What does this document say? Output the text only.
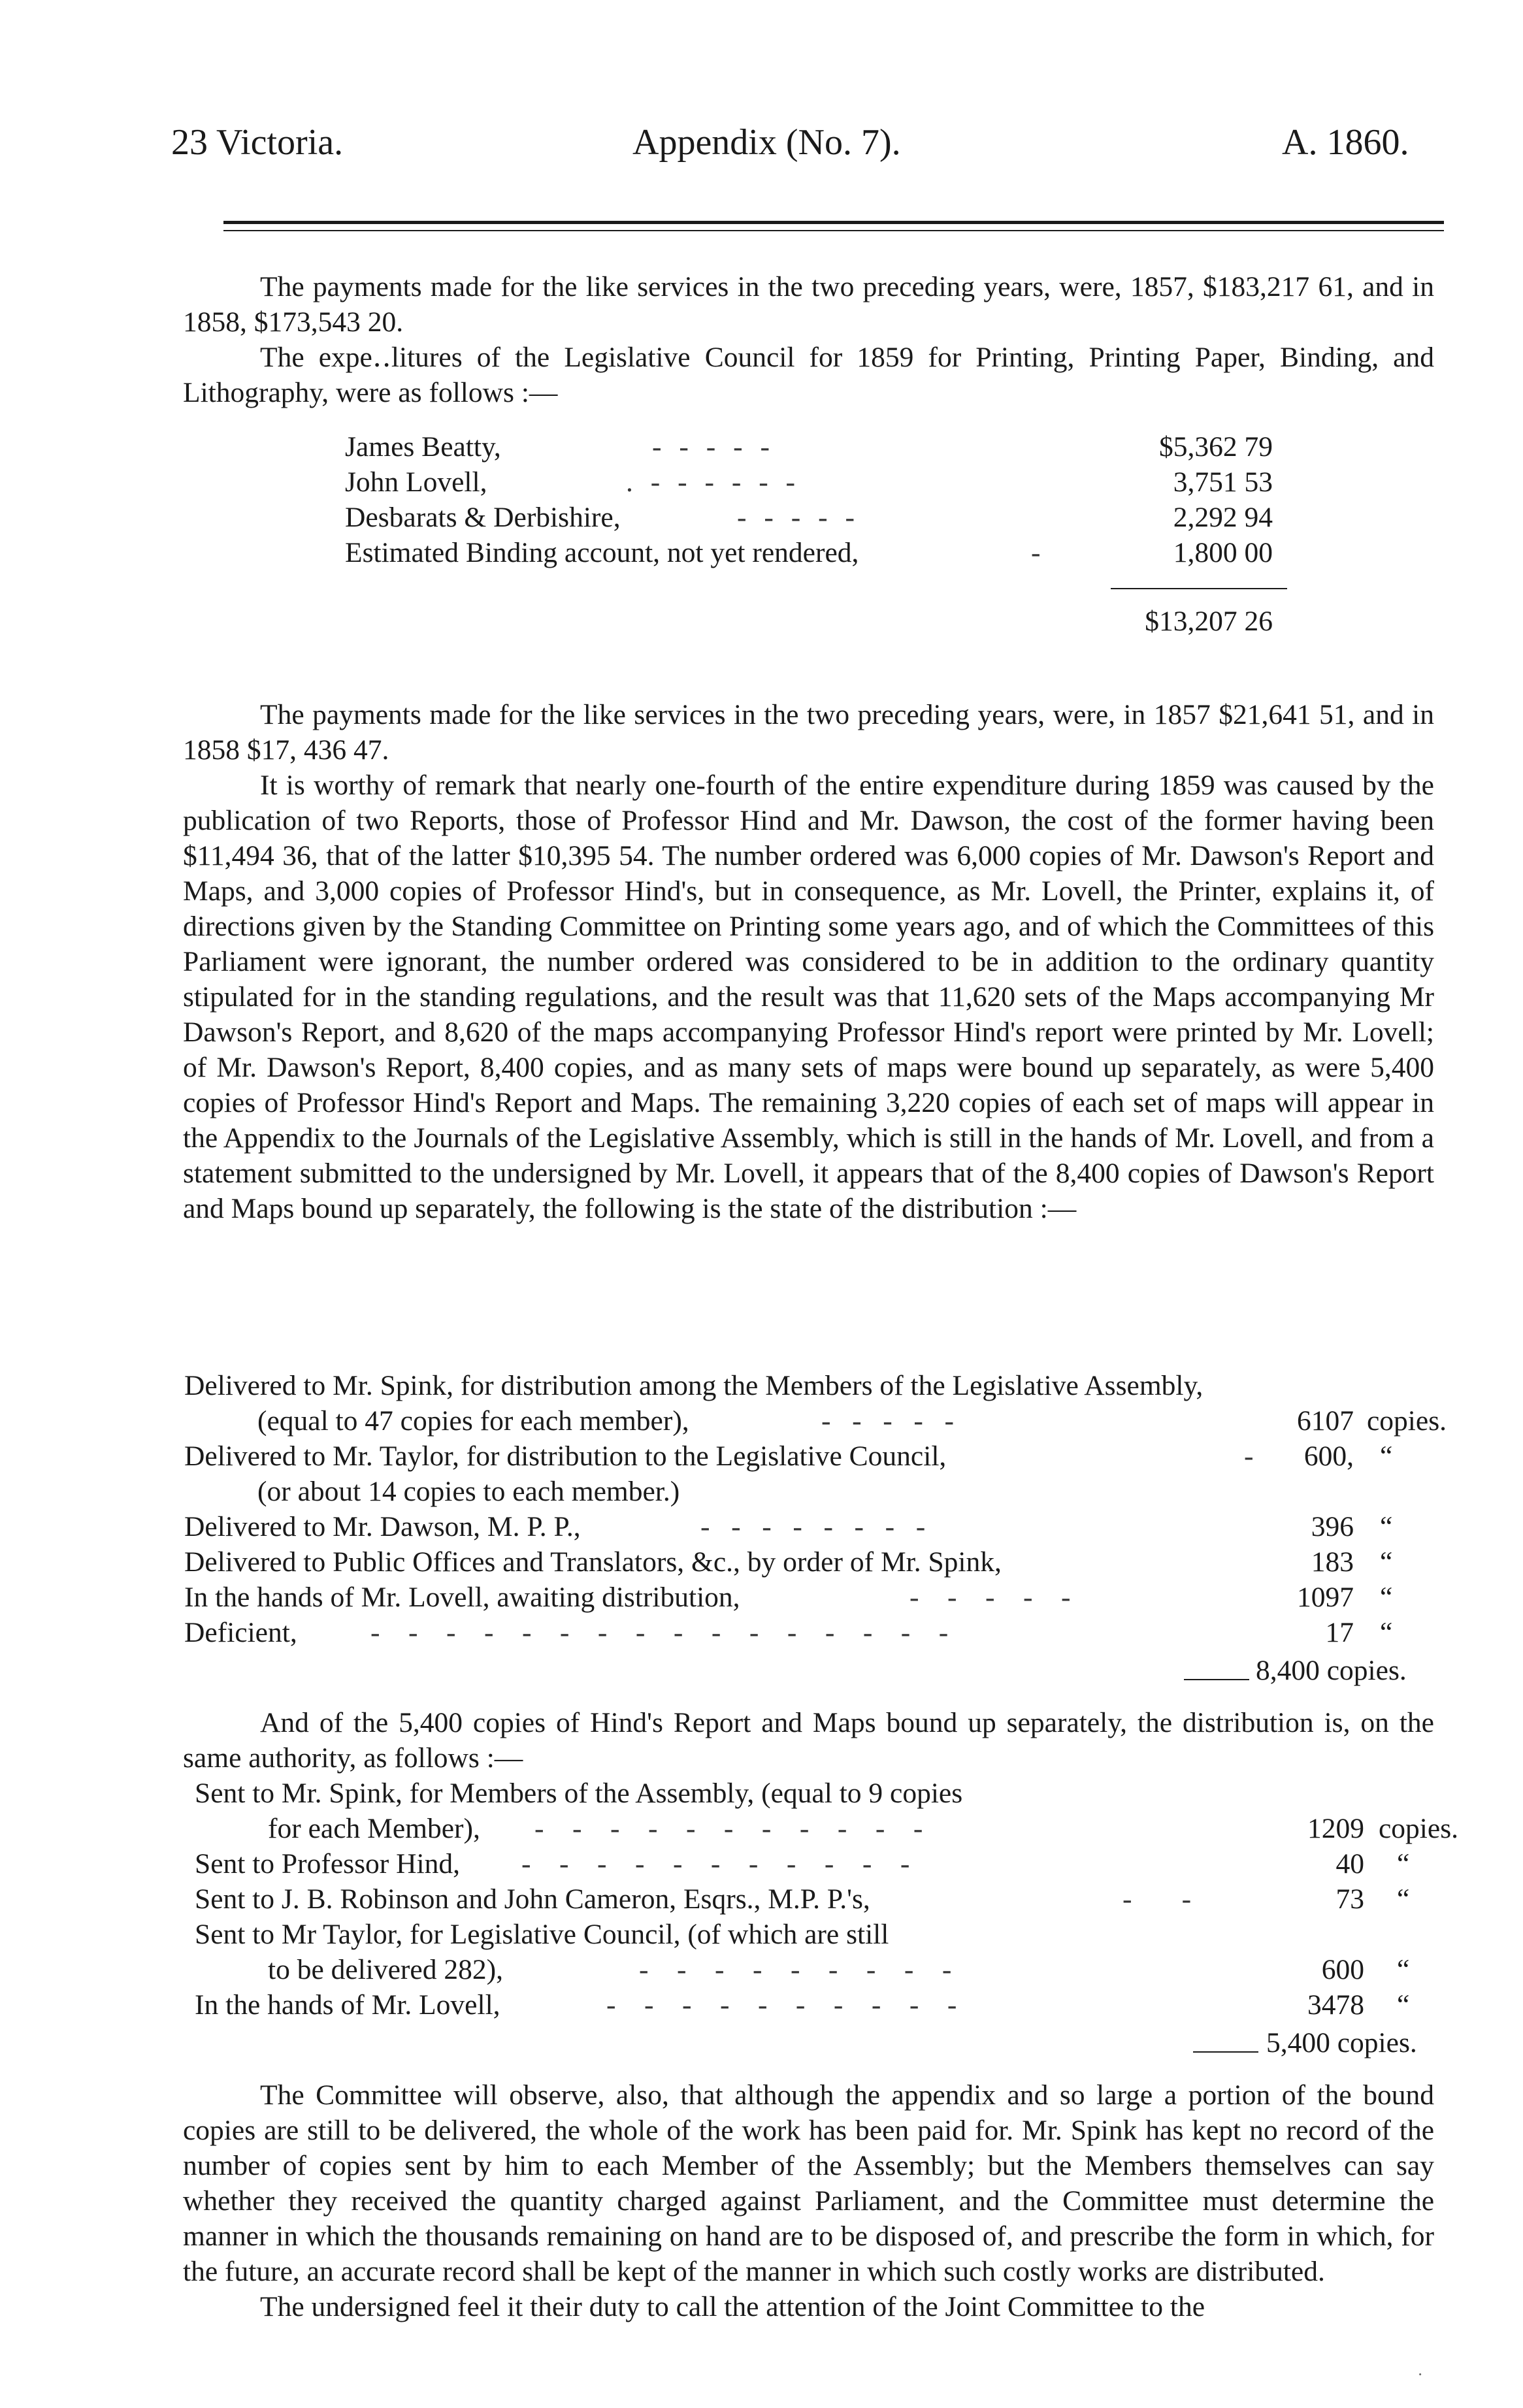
23 Victoria.	Appendix (No. 7).	A. 1860.

The payments made for the like services in the two preceding years, were, 1857, $183,217 61, and in 1858, $173,543 20.

The expe․․litures of the Legislative Council for 1859 for Printing, Printing Paper, Binding, and Lithography, were as follows :—

James Beatty,	- - - - -	$5,362 79
John Lovell,	. - - - - - -	3,751 53
Desbarats & Derbishire,	- - - - -	2,292 94
Estimated Binding account, not yet rendered,	-	1,800 00
$13,207 26

The payments made for the like services in the two preceding years, were, in 1857 $21,641 51, and in 1858 $17, 436 47.

It is worthy of remark that nearly one-fourth of the entire expenditure during 1859 was caused by the publication of two Reports, those of Professor Hind and Mr. Dawson, the cost of the former having been $11,494 36, that of the latter $10,395 54. The number ordered was 6,000 copies of Mr. Dawson's Report and Maps, and 3,000 copies of Professor Hind's, but in consequence, as Mr. Lovell, the Printer, explains it, of directions given by the Standing Committee on Printing some years ago, and of which the Committees of this Parliament were ignorant, the number ordered was considered to be in addition to the ordinary quantity stipulated for in the standing regulations, and the result was that 11,620 sets of the Maps accompanying Mr Dawson's Report, and 8,620 of the maps accompanying Professor Hind's report were printed by Mr. Lovell; of Mr. Dawson's Report, 8,400 copies, and as many sets of maps were bound up separately, as were 5,400 copies of Professor Hind's Report and Maps. The remaining 3,220 copies of each set of maps will appear in the Appendix to the Journals of the Legislative Assembly, which is still in the hands of Mr. Lovell, and from a statement submitted to the undersigned by Mr. Lovell, it appears that of the 8,400 copies of Dawson's Report and Maps bound up separately, the following is the state of the distribution :—

Delivered to Mr. Spink, for distribution among the Members of the Legislative Assembly,
(equal to 47 copies for each member),	-   -   -   -   -	6107 copies.
Delivered to Mr. Taylor, for distribution to the Legislative Council,	-	600, “
(or about 14 copies to each member.)
Delivered to Mr. Dawson, M. P. P.,	-   -   -   -   -   -   -   -	396 “
Delivered to Public Offices and Translators, &c., by order of Mr. Spink,	183 “
In the hands of Mr. Lovell, awaiting distribution,	-    -    -    -    -	1097 “
Deficient,	-    -    -    -    -    -    -    -    -    -    -    -    -    -    -    -	17 “
8,400 copies.

And of the 5,400 copies of Hind's Report and Maps bound up separately, the distribution is, on the same authority, as follows :—

Sent to Mr. Spink, for Members of the Assembly, (equal to 9 copies
for each Member), -    -    -    -    -    -    -    -    -    -    -	1209 copies.
Sent to Professor Hind, -    -    -    -    -    -    -    -    -    -    -	40 “
Sent to J. B. Robinson and John Cameron, Esqrs., M.P. P.'s,	-       -	73 “
Sent to Mr Taylor, for Legislative Council, (of which are still
to be delivered 282),	-    -    -    -    -    -    -    -    -	600 “
In the hands of Mr. Lovell,	-    -    -    -    -    -    -    -    -    -	3478 “
5,400 copies.

The Committee will observe, also, that although the appendix and so large a portion of the bound copies are still to be delivered, the whole of the work has been paid for. Mr. Spink has kept no record of the number of copies sent by him to each Member of the Assembly; but the Members themselves can say whether they received the quantity charged against Parliament, and the Committee must determine the manner in which the thousands remaining on hand are to be disposed of, and prescribe the form in which, for the future, an accurate record shall be kept of the manner in which such costly works are distributed.

The undersigned feel it their duty to call the attention of the Joint Committee to the

·
